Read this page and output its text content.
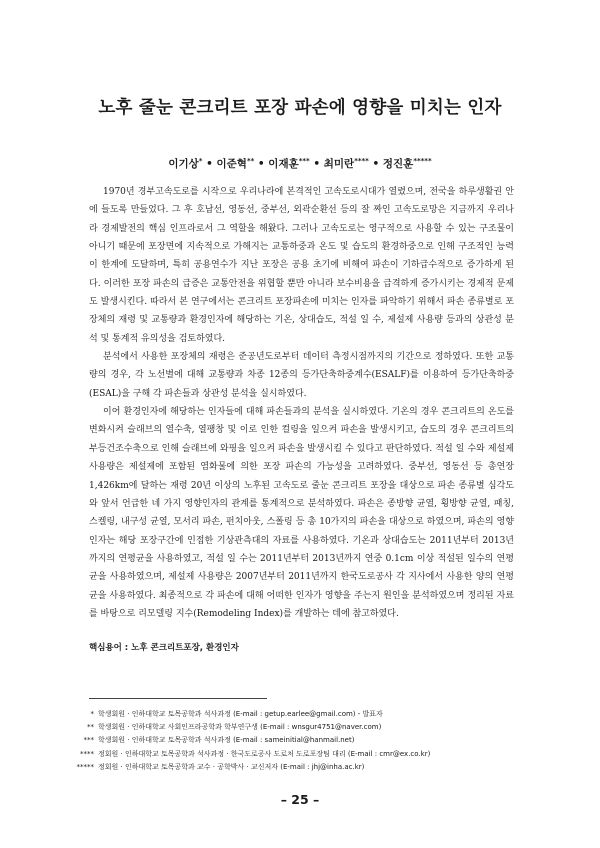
노후 줄눈 콘크리트 포장 파손에 영향을 미치는 인자
이기상* • 이준혁** • 이재훈*** • 최미란**** • 정진훈*****

1970년 경부고속도로를 시작으로 우리나라에 본격적인 고속도로시대가 열렸으며, 전국을 하루생활권 안에 들도록 만들었다. 그 후 호남선, 영동선, 중부선, 외곽순환선 등의 잘 짜인 고속도로망은 지금까지 우리나라 경제발전의 핵심 인프라로서 그 역할을 해왔다. 그러나 고속도로는 영구적으로 사용할 수 있는 구조물이 아니기 때문에 포장면에 지속적으로 가해지는 교통하중과 온도 및 습도의 환경하중으로 인해 구조적인 능력이 한계에 도달하며, 특히 공용연수가 지난 포장은 공용 초기에 비해여 파손이 기하급수적으로 증가하게 된다. 이러한 포장 파손의 급증은 교통안전을 위협할 뿐만 아니라 보수비용을 급격하게 증가시키는 경제적 문제도 발생시킨다. 따라서 본 연구에서는 콘크리트 포장파손에 미치는 인자를 파악하기 위해서 파손 종류별로 포장체의 재령 및 교통량과 환경인자에 해당하는 기온, 상대습도, 적설 일 수, 제설제 사용량 등과의 상관성 분석 및 통계적 유의성을 검토하였다.

분석에서 사용한 포장체의 재령은 준공년도로부터 데이터 측정시점까지의 기간으로 정하였다. 또한 교통량의 경우, 각 노선별에 대해 교통량과 차종 12종의 등가단축하중계수(ESALF)를 이용하여 등가단축하중(ESAL)을 구해 각 파손들과 상관성 분석을 실시하였다.

이어 환경인자에 해당하는 인자들에 대해 파손들과의 분석을 실시하였다. 기온의 경우 콘크리트의 온도를 변화시켜 슬래브의 열수축, 열팽창 및 이로 인한 컬링을 일으켜 파손을 발생시키고, 습도의 경우 콘크리트의 부등건조수축으로 인해 슬래브에 와핑을 일으켜 파손을 발생시킬 수 있다고 판단하였다. 적설 일 수와 제설제 사용량은 제설제에 포함된 염화물에 의한 포장 파손의 가능성을 고려하였다. 중부선, 영동선 등 총연장 1,426km에 달하는 재령 20년 이상의 노후된 고속도로 줄눈 콘크리트 포장을 대상으로 파손 종류별 심각도와 앞서 언급한 네 가지 영향인자의 관계를 통계적으로 분석하였다. 파손은 종방향 균열, 횡방향 균열, 패칭, 스켈링, 내구성 균열, 모서리 파손, 펀치아웃, 스폴링 등 총 10가지의 파손을 대상으로 하였으며, 파손의 영향인자는 해당 포장구간에 인접한 기상관측대의 자료를 사용하였다. 기온과 상대습도는 2011년부터 2013년까지의 연평균을 사용하였고, 적설 일 수는 2011년부터 2013년까지 연중 0.1cm 이상 적설된 일수의 연평균을 사용하였으며, 제설제 사용량은 2007년부터 2011년까지 한국도로공사 각 지사에서 사용한 양의 연평균을 사용하였다. 최종적으로 각 파손에 대해 어떠한 인자가 영향을 주는지 원인을 분석하였으며 정리된 자료를 바탕으로 리모델링 지수(Remodeling Index)를 개발하는 데에 참고하였다.

핵심용어 : 노후 콘크리트포장, 환경인자
* 학생회원 · 인하대학교 토목공학과 석사과정 (E-mail : getup.earlee@gmail.com) - 발표자
** 학생회원 · 인하대학교 사회인프라공학과 학부연구생 (E-mail : wnsgur4751@naver.com)
*** 학생회원 · 인하대학교 토목공학과 석사과정 (E-mail : sameinitial@hanmail.net)
**** 정회원 · 인하대학교 토목공학과 석사과정 · 한국도로공사 도로처 도로포장팀 대리 (E-mail : cmr@ex.co.kr)
***** 정회원 · 인하대학교 토목공학과 교수 · 공학박사 · 교신저자 (E-mail : jhj@inha.ac.kr)
– 25 –
